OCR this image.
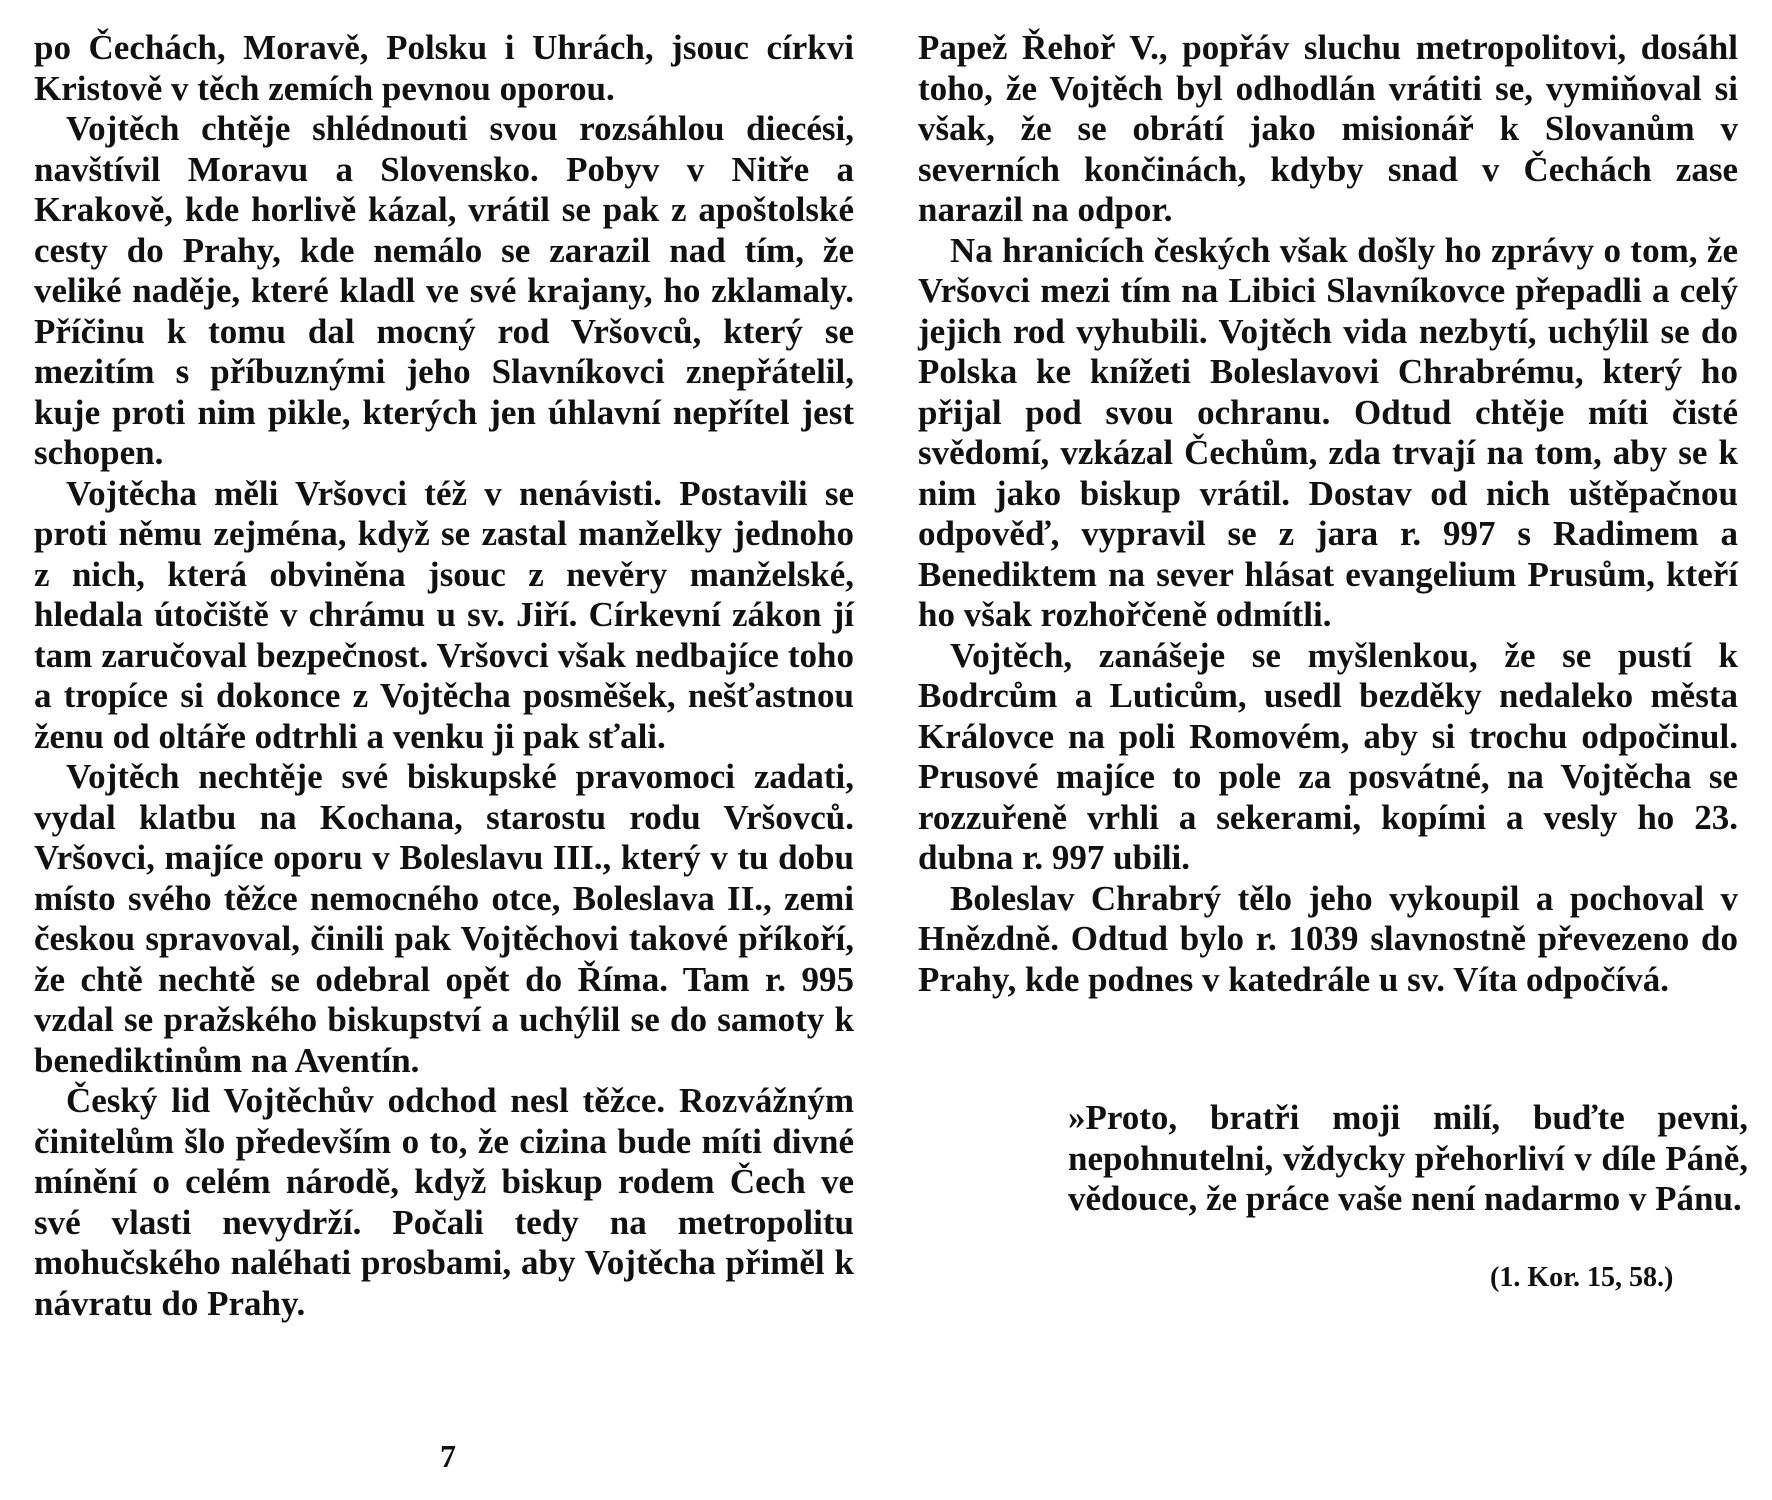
po Čechách, Moravě, Polsku i Uhrách, jsouc církvi Kristově v těch zemích pevnou oporou.

Vojtěch chtěje shlédnouti svou rozsáhlou diecési, navštívil Moravu a Slovensko. Pobyv v Nitře a Krakově, kde horlivě kázal, vrátil se pak z apoštolské cesty do Prahy, kde nemálo se zarazil nad tím, že veliké naděje, které kladl ve své krajany, ho zklamaly. Příčinu k tomu dal mocný rod Vršovců, který se mezitím s příbuznými jeho Slavníkovci znepřátelil, kuje proti nim pikle, kterých jen úhlavní nepřítel jest schopen.

Vojtěcha měli Vršovci též v nenávisti. Postavili se proti němu zejména, když se zastal manželky jednoho z nich, která obviněna jsouc z nevěry manželské, hledala útočiště v chrámu u sv. Jiří. Církevní zákon jí tam zaručoval bezpečnost. Vršovci však nedbajíce toho a tropíce si dokonce z Vojtěcha posměšek, nešťastnou ženu od oltáře odtrhli a venku ji pak sťali.

Vojtěch nechtěje své biskupské pravomoci zadati, vydal klatbu na Kochana, starostu rodu Vršovců. Vršovci, majíce oporu v Boleslavu III., který v tu dobu místo svého těžce nemocného otce, Boleslava II., zemi českou spravoval, činili pak Vojtěchovi takové příkoří, že chtě nechtě se odebral opět do Říma. Tam r. 995 vzdal se pražského biskupství a uchýlil se do samoty k benediktinům na Aventín.

Český lid Vojtěchův odchod nesl těžce. Rozvážným činitelům šlo především o to, že cizina bude míti divné mínění o celém národě, když biskup rodem Čech ve své vlasti nevydrží. Počali tedy na metropolitu mohučského naléhati prosbami, aby Vojtěcha přiměl k návratu do Prahy.

Papež Řehoř V., popřáv sluchu metropolitovi, dosáhl toho, že Vojtěch byl odhodlán vrátiti se, vymiňoval si však, že se obrátí jako misionář k Slovanům v severních končinách, kdyby snad v Čechách zase narazil na odpor.

Na hranicích českých však došly ho zprávy o tom, že Vršovci mezi tím na Libici Slavníkovce přepadli a celý jejich rod vyhubili. Vojtěch vida nezbytí, uchýlil se do Polska ke knížeti Boleslavovi Chrabrému, který ho přijal pod svou ochranu. Odtud chtěje míti čisté svědomí, vzkázal Čechům, zda trvají na tom, aby se k nim jako biskup vrátil. Dostav od nich uštěpačnou odpověď, vypravil se z jara r. 997 s Radimem a Benediktem na sever hlásat evangelium Prusům, kteří ho však rozhořčeně odmítli.

Vojtěch, zanášeje se myšlenkou, že se pustí k Bodrcům a Luticům, usedl bezděky nedaleko města Královce na poli Romovém, aby si trochu odpočinul. Prusové majíce to pole za posvátné, na Vojtěcha se rozzuřeně vrhli a sekerami, kopími a vesly ho 23. dubna r. 997 ubili.

Boleslav Chrabrý tělo jeho vykoupil a pochoval v Hnězdně. Odtud bylo r. 1039 slavnostně převezeno do Prahy, kde podnes v katedrále u sv. Víta odpočívá.

»Proto, bratři moji milí, buďte pevni, nepohnutelni, vždycky přehorliví v díle Páně, vědouce, že práce vaše není nadarmo v Pánu.

(1. Kor. 15, 58.)
7
